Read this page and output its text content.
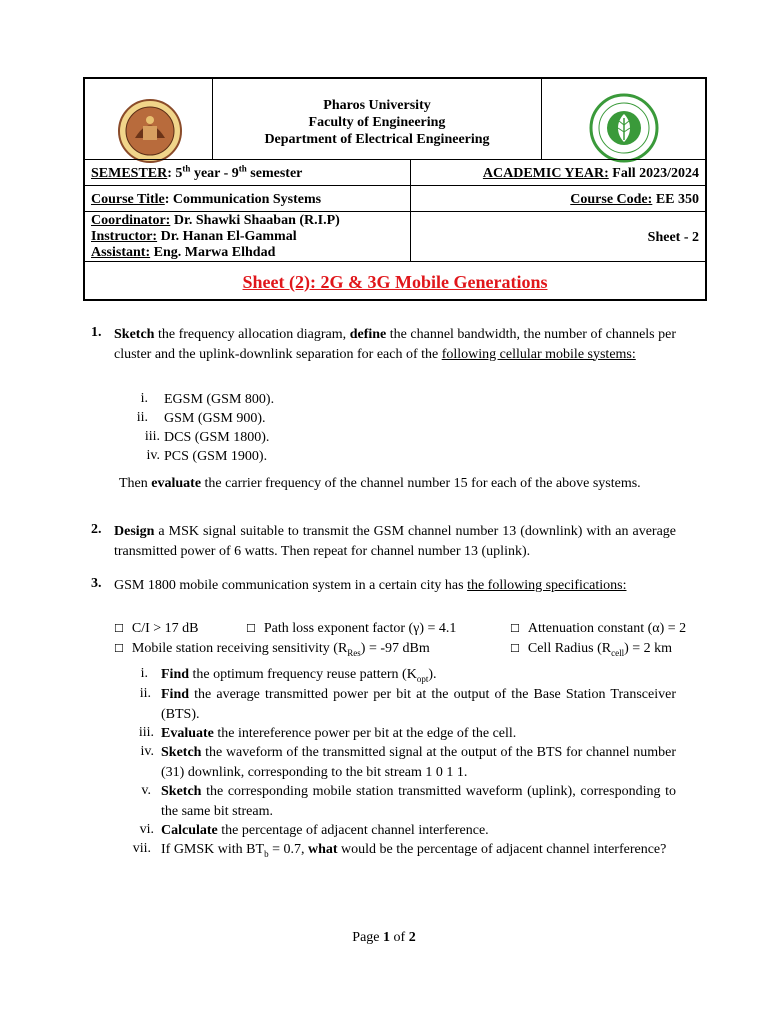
Pharos University
Faculty of Engineering
Department of Electrical Engineering
SEMESTER: 5th year - 9th semester	ACADEMIC YEAR: Fall 2023/2024
Course Title: Communication Systems	Course Code: EE 350
Coordinator: Dr. Shawki Shaaban (R.I.P)
Instructor: Dr. Hanan El-Gammal
Assistant: Eng. Marwa Elhdad
Sheet - 2
Sheet (2): 2G & 3G Mobile Generations
1. Sketch the frequency allocation diagram, define the channel bandwidth, the number of channels per cluster and the uplink-downlink separation for each of the following cellular mobile systems:
i. EGSM (GSM 800).
ii. GSM (GSM 900).
iii. DCS (GSM 1800).
iv. PCS (GSM 1900).
Then evaluate the carrier frequency of the channel number 15 for each of the above systems.
2. Design a MSK signal suitable to transmit the GSM channel number 13 (downlink) with an average transmitted power of 6 watts. Then repeat for channel number 13 (uplink).
3. GSM 1800 mobile communication system in a certain city has the following specifications:
☐ C/I > 17 dB	☐ Path loss exponent factor (γ) = 4.1	☐ Attenuation constant (α) = 2
☐ Mobile station receiving sensitivity $(R_{Res}) = -97$ dBm	☐ Cell Radius $(R_{cell}) = 2$ km
i. Find the optimum frequency reuse pattern $(K_{opt})$.
ii. Find the average transmitted power per bit at the output of the Base Station Transceiver (BTS).
iii. Evaluate the intereference power per bit at the edge of the cell.
iv. Sketch the waveform of the transmitted signal at the output of the BTS for channel number (31) downlink, corresponding to the bit stream 1 0 1 1.
v. Sketch the corresponding mobile station transmitted waveform (uplink), corresponding to the same bit stream.
vi. Calculate the percentage of adjacent channel interference.
vii. If GMSK with $BT_b = 0.7$, what would be the percentage of adjacent channel interference?
Page 1 of 2
